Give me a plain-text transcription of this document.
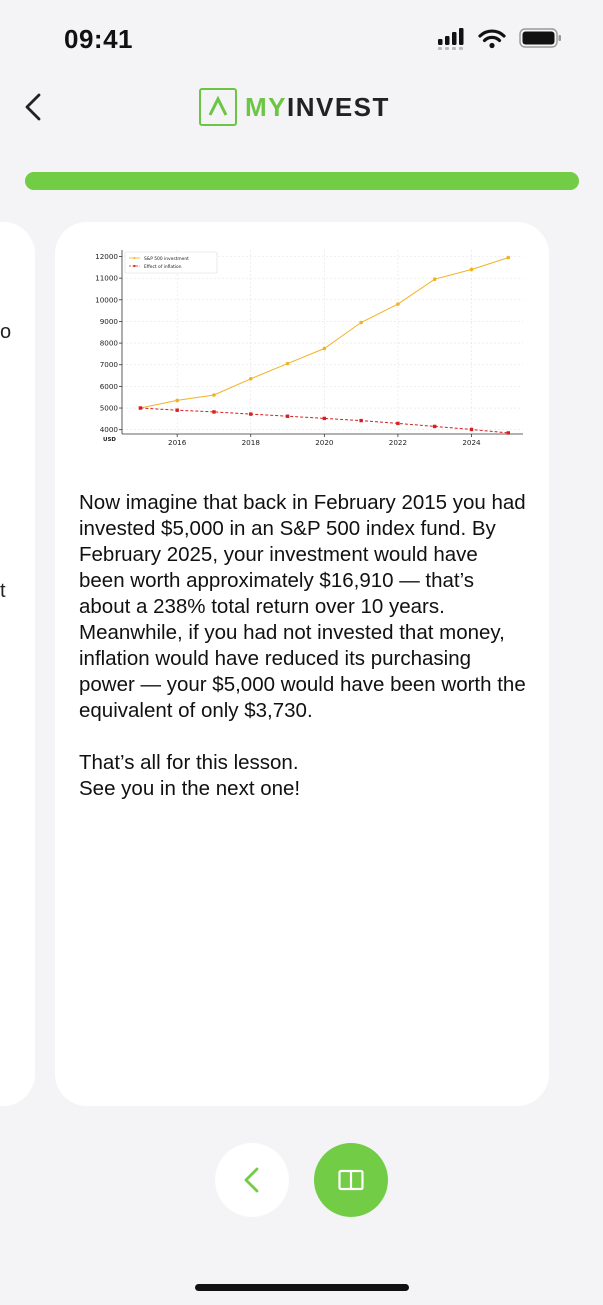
09:41
MYINVEST
o
t
4000
5000
6000
7000
8000
9000
10000
11000
12000
USD	2016	2018	2020	2022	2024
S&P 500 investment
Effect of inflation

Now imagine that back in February 2015 you had invested $5,000 in an S&P 500 index fund. By February 2025, your investment would have been worth approximately $16,910 — that’s about a 238% total return over 10 years. Meanwhile, if you had not invested that money, inflation would have reduced its purchasing power — your $5,000 would have been worth the equivalent of only $3,730.

That’s all for this lesson.
See you in the next one!
